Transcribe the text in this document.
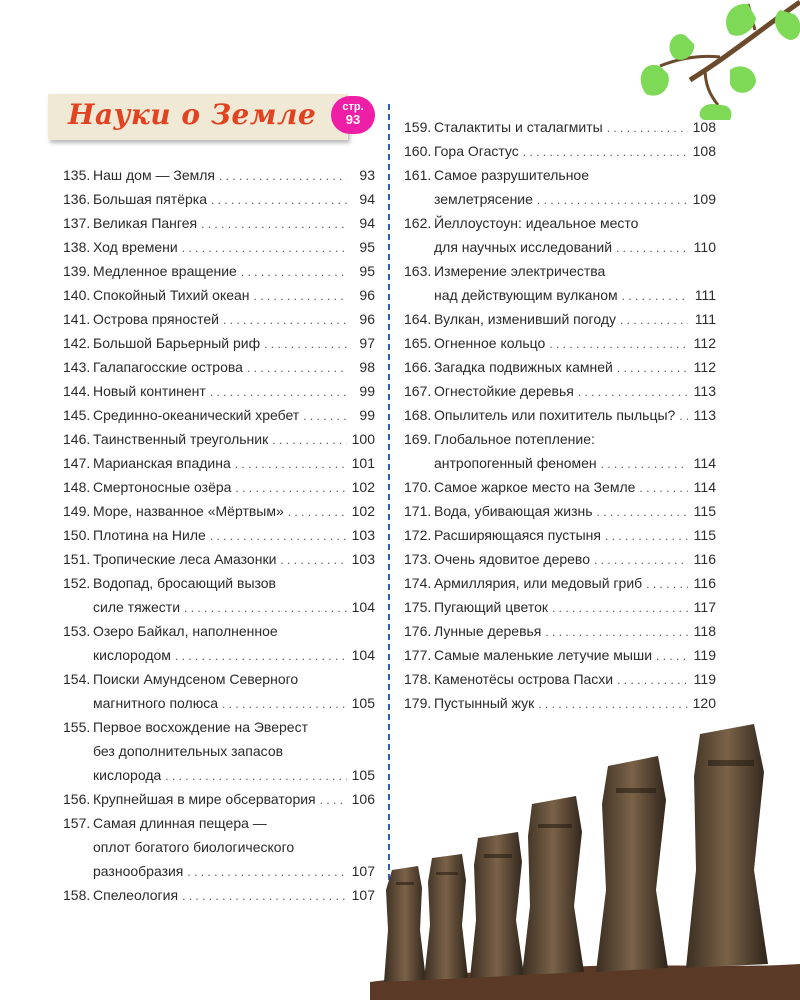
Науки о Земле	стр.
93
135. Наш дом — Земля . . .	93
136. Большая пятёрка . . .	94
137. Великая Пангея . . .	94
138. Ход времени . . .	95
139. Медленное вращение . . .	95
140. Спокойный Тихий океан . . .	96
141. Острова пряностей . . .	96
142. Большой Барьерный риф . . .	97
143. Галапагосские острова . . .	98
144. Новый континент . . .	99
145. Срединно-океанический хребет . . .	99
146. Таинственный треугольник . . .	100
147. Марианская впадина . . .	101
148. Смертоносные озёра . . .	102
149. Море, названное «Мёртвым» . . .	102
150. Плотина на Ниле . . .	103
151. Тропические леса Амазонки . . .	103
152. Водопад, бросающий вызов
силе тяжести . . .	104
153. Озеро Байкал, наполненное
кислородом . . .	104
154. Поиски Амундсеном Северного
магнитного полюса . . .	105
155. Первое восхождение на Эверест
без дополнительных запасов
кислорода . . .	105
156. Крупнейшая в мире обсерватория . . .	106
157. Самая длинная пещера —
оплот богатого биологического
разнообразия . . .	107
158. Спелеология . . .	107
159. Сталактиты и сталагмиты . . .	108
160. Гора Огастус . . .	108
161. Самое разрушительное
землетрясение . . .	109
162. Йеллоустоун: идеальное место
для научных исследований . . .	110
163. Измерение электричества
над действующим вулканом . . .	111
164. Вулкан, изменивший погоду . . .	111
165. Огненное кольцо . . .	112
166. Загадка подвижных камней . . .	112
167. Огнестойкие деревья . . .	113
168. Опылитель или похититель пыльцы? . . . 113
169. Глобальное потепление:
антропогенный феномен . . .	114
170. Самое жаркое место на Земле . . .	114
171. Вода, убивающая жизнь . . .	115
172. Расширяющаяся пустыня . . .	115
173. Очень ядовитое дерево . . .	116
174. Армиллярия, или медовый гриб . . .	116
175. Пугающий цветок . . .	117
176. Лунные деревья . . .	118
177. Самые маленькие летучие мыши . . .	119
178. Каменотёсы острова Пасхи . . .	119
179. Пустынный жук . . .	120
